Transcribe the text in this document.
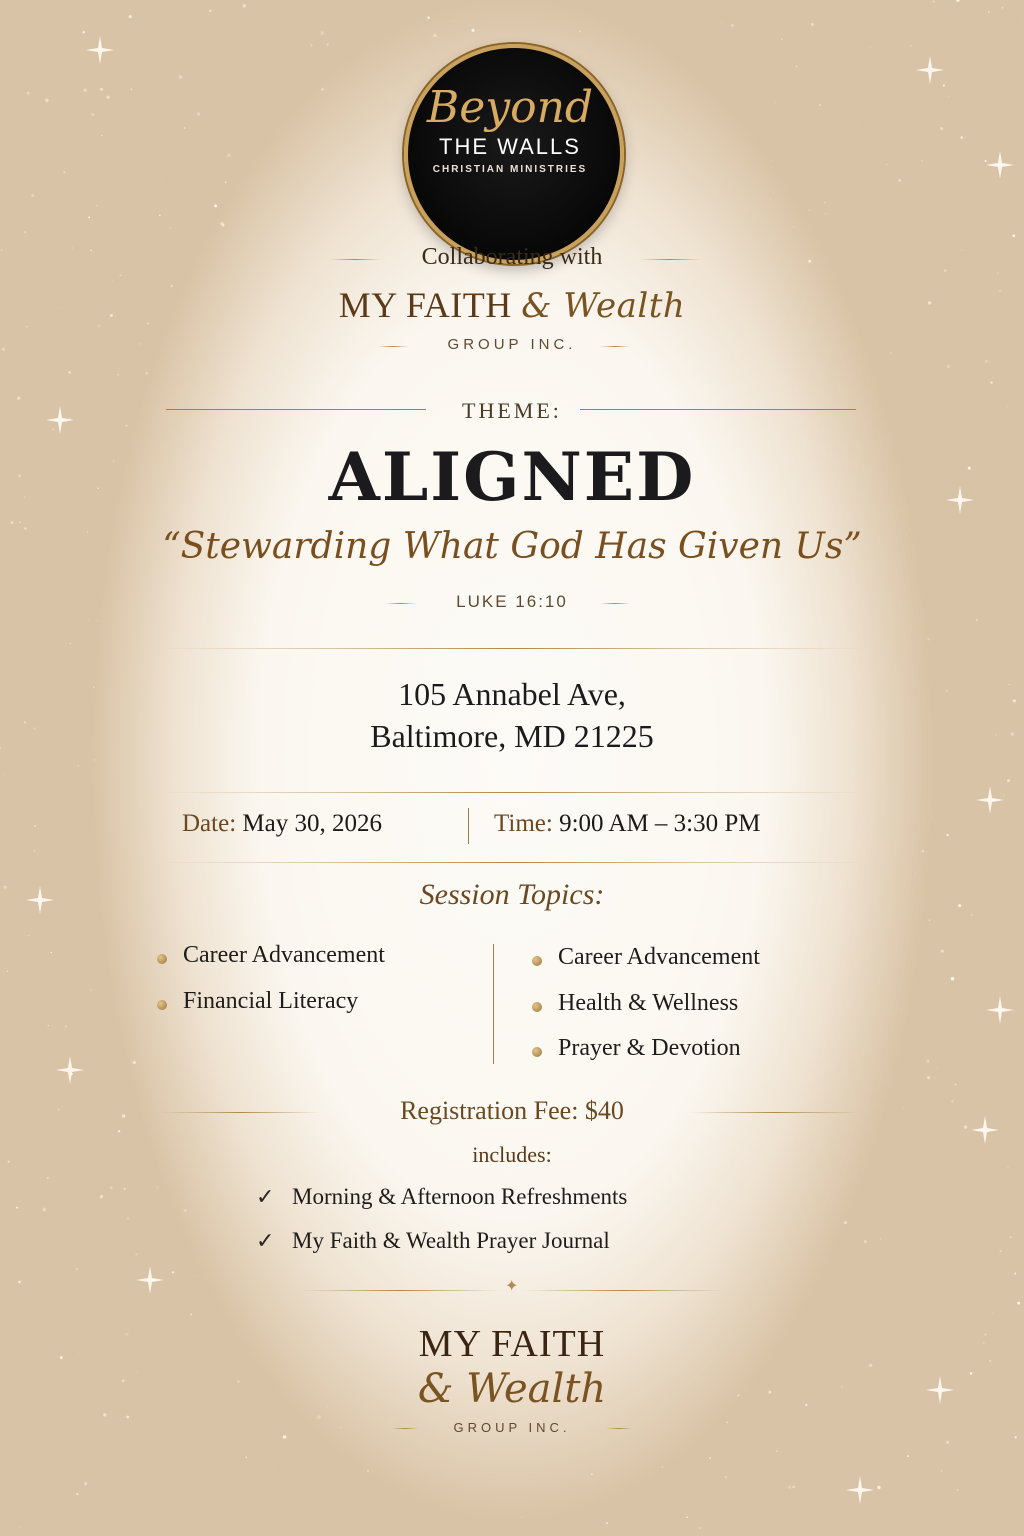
Beyond
THE WALLS
CHRISTIAN MINISTRIES
Collaborating with
MY FAITH & Wealth
GROUP INC.
THEME:
ALIGNED
“Stewarding What God Has Given Us”
LUKE 16:10
105 Annabel Ave,
Baltimore, MD 21225
Date: May 30, 2026	Time: 9:00 AM – 3:30 PM
Session Topics:
Career Advancement
Financial Literacy
Career Advancement
Health & Wellness
Prayer & Devotion
Registration Fee: $40
includes:
✓ Morning & Afternoon Refreshments
✓ My Faith & Wealth Prayer Journal
✦
MY FAITH
& Wealth
GROUP INC.
